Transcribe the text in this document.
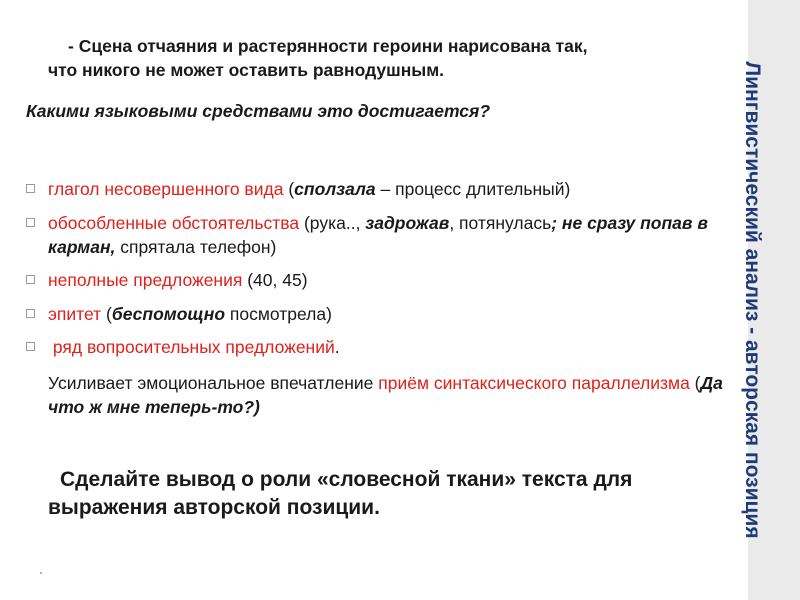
Лингвистический анализ - авторская позиция
- Сцена отчаяния и растерянности героини нарисована так,
что никого не может оставить равнодушным.
Какими языковыми средствами это достигается?
глагол несовершенного вида (сползала – процесс длительный)
обособленные обстоятельства (рука.., задрожав, потянулась; не сразу попав в карман, спрятала телефон)
неполные предложения (40, 45)
эпитет (беспомощно посмотрела)
ряд вопросительных предложений.
Усиливает эмоциональное впечатление приём синтаксического параллелизма (Да что ж мне теперь-то?)
Сделайте вывод о роли «словесной ткани» текста для выражения авторской позиции.
